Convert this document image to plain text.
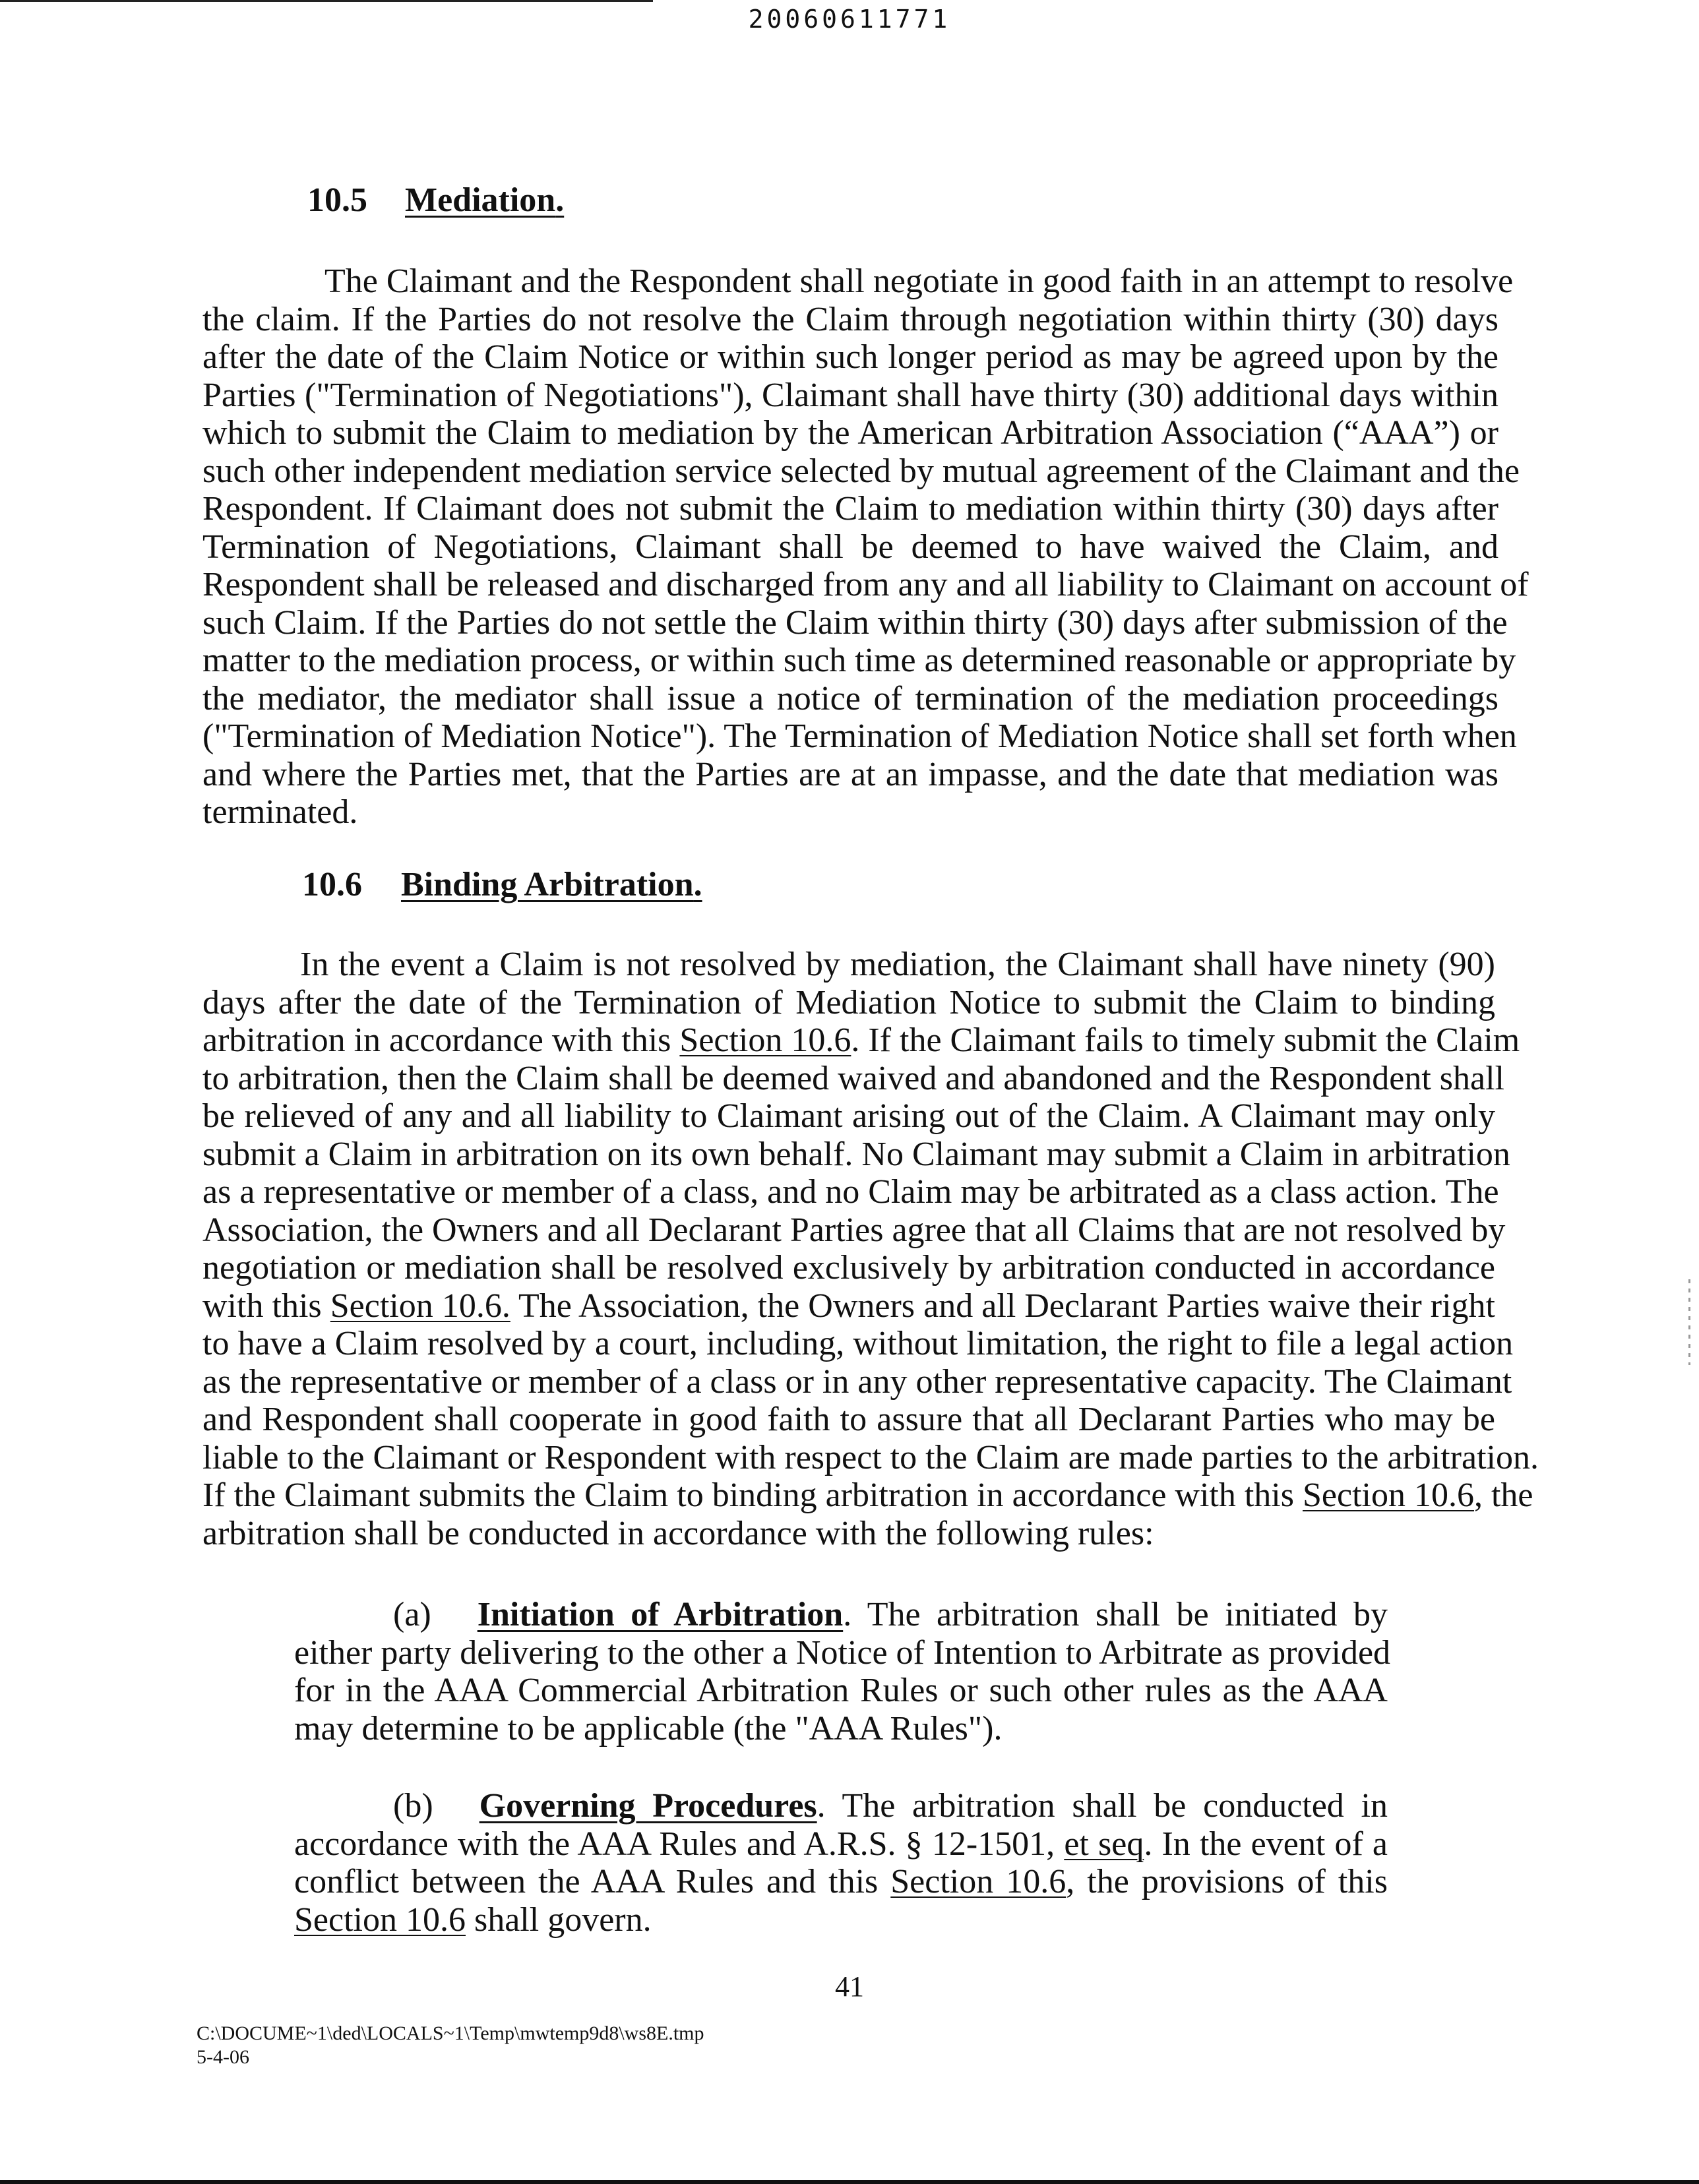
20060611771
10.5 Mediation.
The Claimant and the Respondent shall negotiate in good faith in an attempt to resolve
the claim. If the Parties do not resolve the Claim through negotiation within thirty (30) days
after the date of the Claim Notice or within such longer period as may be agreed upon by the
Parties ("Termination of Negotiations"), Claimant shall have thirty (30) additional days within
which to submit the Claim to mediation by the American Arbitration Association (“AAA”) or
such other independent mediation service selected by mutual agreement of the Claimant and the
Respondent. If Claimant does not submit the Claim to mediation within thirty (30) days after
Termination of Negotiations, Claimant shall be deemed to have waived the Claim, and
Respondent shall be released and discharged from any and all liability to Claimant on account of
such Claim. If the Parties do not settle the Claim within thirty (30) days after submission of the
matter to the mediation process, or within such time as determined reasonable or appropriate by
the mediator, the mediator shall issue a notice of termination of the mediation proceedings
("Termination of Mediation Notice"). The Termination of Mediation Notice shall set forth when
and where the Parties met, that the Parties are at an impasse, and the date that mediation was
terminated.
10.6 Binding Arbitration.
In the event a Claim is not resolved by mediation, the Claimant shall have ninety (90)
days after the date of the Termination of Mediation Notice to submit the Claim to binding
arbitration in accordance with this Section 10.6. If the Claimant fails to timely submit the Claim
to arbitration, then the Claim shall be deemed waived and abandoned and the Respondent shall
be relieved of any and all liability to Claimant arising out of the Claim. A Claimant may only
submit a Claim in arbitration on its own behalf. No Claimant may submit a Claim in arbitration
as a representative or member of a class, and no Claim may be arbitrated as a class action. The
Association, the Owners and all Declarant Parties agree that all Claims that are not resolved by
negotiation or mediation shall be resolved exclusively by arbitration conducted in accordance
with this Section 10.6. The Association, the Owners and all Declarant Parties waive their right
to have a Claim resolved by a court, including, without limitation, the right to file a legal action
as the representative or member of a class or in any other representative capacity. The Claimant
and Respondent shall cooperate in good faith to assure that all Declarant Parties who may be
liable to the Claimant or Respondent with respect to the Claim are made parties to the arbitration.
If the Claimant submits the Claim to binding arbitration in accordance with this Section 10.6, the
arbitration shall be conducted in accordance with the following rules:
(a) Initiation of Arbitration. The arbitration shall be initiated by
either party delivering to the other a Notice of Intention to Arbitrate as provided
for in the AAA Commercial Arbitration Rules or such other rules as the AAA
may determine to be applicable (the "AAA Rules").
(b) Governing Procedures. The arbitration shall be conducted in
accordance with the AAA Rules and A.R.S. § 12-1501, et seq. In the event of a
conflict between the AAA Rules and this Section 10.6, the provisions of this
Section 10.6 shall govern.
41
C:\DOCUME~1\ded\LOCALS~1\Temp\mwtemp9d8\ws8E.tmp
5-4-06
